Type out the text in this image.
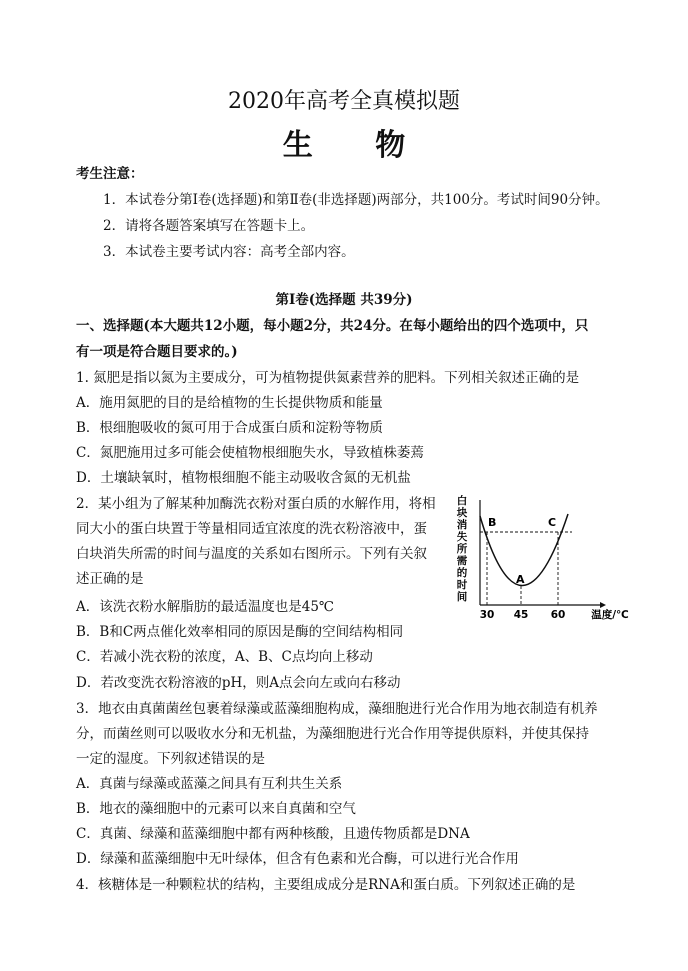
2020年高考全真模拟题
生 物
考生注意：
1．本试卷分第Ⅰ卷(选择题)和第Ⅱ卷(非选择题)两部分，共100分。考试时间90分钟。
2．请将各题答案填写在答题卡上。
3．本试卷主要考试内容：高考全部内容。
第Ⅰ卷(选择题 共39分)
一、选择题(本大题共12小题，每小题2分，共24分。在每小题给出的四个选项中，只
有一项是符合题目要求的。)
1. 氮肥是指以氮为主要成分，可为植物提供氮素营养的肥料。下列相关叙述正确的是
A．施用氮肥的目的是给植物的生长提供物质和能量
B．根细胞吸收的氮可用于合成蛋白质和淀粉等物质
C．氮肥施用过多可能会使植物根细胞失水，导致植株萎蔫
D．土壤缺氧时，植物根细胞不能主动吸收含氮的无机盐
2．某小组为了解某种加酶洗衣粉对蛋白质的水解作用，将相
同大小的蛋白块置于等量相同适宜浓度的洗衣粉溶液中，蛋
白块消失所需的时间与温度的关系如右图所示。下列有关叙
述正确的是
A．该洗衣粉水解脂肪的最适温度也是45℃
B．B和C两点催化效率相同的原因是酶的空间结构相同
C．若减小洗衣粉的浓度，A、B、C点均向上移动
D．若改变洗衣粉溶液的pH，则A点会向左或向右移动
白块消失所需的时间
B	C
A
30 45 60 温度/℃
3．地衣由真菌菌丝包裹着绿藻或蓝藻细胞构成，藻细胞进行光合作用为地衣制造有机养
分，而菌丝则可以吸收水分和无机盐，为藻细胞进行光合作用等提供原料，并使其保持
一定的湿度。下列叙述错误的是
A．真菌与绿藻或蓝藻之间具有互利共生关系
B．地衣的藻细胞中的元素可以来自真菌和空气
C．真菌、绿藻和蓝藻细胞中都有两种核酸，且遗传物质都是DNA
D．绿藻和蓝藻细胞中无叶绿体，但含有色素和光合酶，可以进行光合作用
4．核糖体是一种颗粒状的结构，主要组成成分是RNA和蛋白质。下列叙述正确的是
